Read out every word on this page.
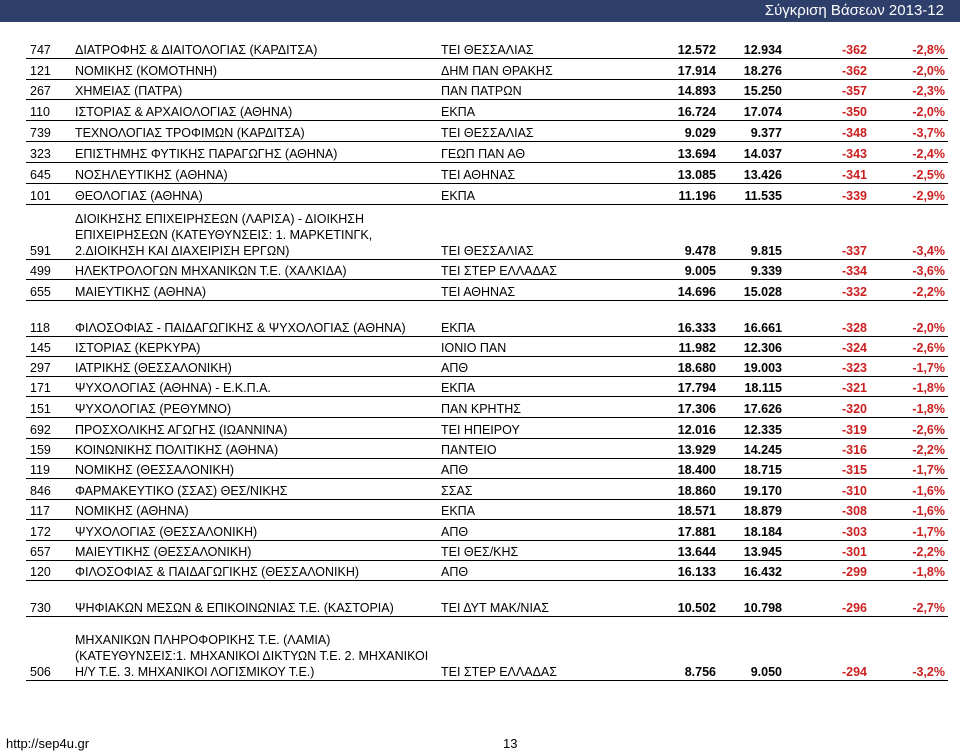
Σύγκριση Βάσεων 2013-12
747	ΔΙΑΤΡΟΦΗΣ & ΔΙΑΙΤΟΛΟΓΙΑΣ (ΚΑΡΔΙΤΣΑ)	ΤΕΙ ΘΕΣΣΑΛΙΑΣ	12.572	12.934	-362	-2,8%
121	ΝΟΜΙΚΗΣ (ΚΟΜΟΤΗΝΗ)	ΔΗΜ ΠΑΝ ΘΡΑΚΗΣ	17.914	18.276	-362	-2,0%
267	ΧΗΜΕΙΑΣ (ΠΑΤΡΑ)	ΠΑΝ ΠΑΤΡΩΝ	14.893	15.250	-357	-2,3%
110	ΙΣΤΟΡΙΑΣ & ΑΡΧΑΙΟΛΟΓΙΑΣ (ΑΘΗΝΑ)	ΕΚΠΑ	16.724	17.074	-350	-2,0%
739	ΤΕΧΝΟΛΟΓΙΑΣ ΤΡΟΦΙΜΩΝ (ΚΑΡΔΙΤΣΑ)	ΤΕΙ ΘΕΣΣΑΛΙΑΣ	9.029	9.377	-348	-3,7%
323	ΕΠΙΣΤΗΜΗΣ ΦΥΤΙΚΗΣ ΠΑΡΑΓΩΓΗΣ (ΑΘΗΝΑ)	ΓΕΩΠ ΠΑΝ ΑΘ	13.694	14.037	-343	-2,4%
645	ΝΟΣΗΛΕΥΤΙΚΗΣ (ΑΘΗΝΑ)	ΤΕΙ ΑΘΗΝΑΣ	13.085	13.426	-341	-2,5%
101	ΘΕΟΛΟΓΙΑΣ (ΑΘΗΝΑ)	ΕΚΠΑ	11.196	11.535	-339	-2,9%
591	ΔΙΟΙΚΗΣΗΣ ΕΠΙΧΕΙΡΗΣΕΩΝ (ΛΑΡΙΣΑ) - ΔΙΟΙΚΗΣΗ ΕΠΙΧΕΙΡΗΣΕΩΝ (ΚΑΤΕΥΘΥΝΣΕΙΣ: 1. ΜΑΡΚΕΤΙΝΓΚ, 2.ΔΙΟΙΚΗΣΗ ΚΑΙ ΔΙΑΧΕΙΡΙΣΗ ΕΡΓΩΝ)	ΤΕΙ ΘΕΣΣΑΛΙΑΣ	9.478	9.815	-337	-3,4%
499	ΗΛΕΚΤΡΟΛΟΓΩΝ ΜΗΧΑΝΙΚΩΝ Τ.Ε. (ΧΑΛΚΙΔΑ)	ΤΕΙ ΣΤΕΡ ΕΛΛΑΔΑΣ	9.005	9.339	-334	-3,6%
655	ΜΑΙΕΥΤΙΚΗΣ (ΑΘΗΝΑ)	ΤΕΙ ΑΘΗΝΑΣ	14.696	15.028	-332	-2,2%
118	ΦΙΛΟΣΟΦΙΑΣ - ΠΑΙΔΑΓΩΓΙΚΗΣ & ΨΥΧΟΛΟΓΙΑΣ (ΑΘΗΝΑ)	ΕΚΠΑ	16.333	16.661	-328	-2,0%
145	ΙΣΤΟΡΙΑΣ (ΚΕΡΚΥΡΑ)	ΙΟΝΙΟ ΠΑΝ	11.982	12.306	-324	-2,6%
297	ΙΑΤΡΙΚΗΣ (ΘΕΣΣΑΛΟΝΙΚΗ)	ΑΠΘ	18.680	19.003	-323	-1,7%
171	ΨΥΧΟΛΟΓΙΑΣ (ΑΘΗΝΑ) - Ε.Κ.Π.Α.	ΕΚΠΑ	17.794	18.115	-321	-1,8%
151	ΨΥΧΟΛΟΓΙΑΣ (ΡΕΘΥΜΝΟ)	ΠΑΝ ΚΡΗΤΗΣ	17.306	17.626	-320	-1,8%
692	ΠΡΟΣΧΟΛΙΚΗΣ ΑΓΩΓΗΣ (ΙΩΑΝΝΙΝΑ)	ΤΕΙ ΗΠΕΙΡΟΥ	12.016	12.335	-319	-2,6%
159	ΚΟΙΝΩΝΙΚΗΣ ΠΟΛΙΤΙΚΗΣ (ΑΘΗΝΑ)	ΠΑΝΤΕΙΟ	13.929	14.245	-316	-2,2%
119	ΝΟΜΙΚΗΣ (ΘΕΣΣΑΛΟΝΙΚΗ)	ΑΠΘ	18.400	18.715	-315	-1,7%
846	ΦΑΡΜΑΚΕΥΤΙΚΟ (ΣΣΑΣ) ΘΕΣ/ΝΙΚΗΣ	ΣΣΑΣ	18.860	19.170	-310	-1,6%
117	ΝΟΜΙΚΗΣ (ΑΘΗΝΑ)	ΕΚΠΑ	18.571	18.879	-308	-1,6%
172	ΨΥΧΟΛΟΓΙΑΣ (ΘΕΣΣΑΛΟΝΙΚΗ)	ΑΠΘ	17.881	18.184	-303	-1,7%
657	ΜΑΙΕΥΤΙΚΗΣ (ΘΕΣΣΑΛΟΝΙΚΗ)	ΤΕΙ ΘΕΣ/ΚΗΣ	13.644	13.945	-301	-2,2%
120	ΦΙΛΟΣΟΦΙΑΣ & ΠΑΙΔΑΓΩΓΙΚΗΣ (ΘΕΣΣΑΛΟΝΙΚΗ)	ΑΠΘ	16.133	16.432	-299	-1,8%
730	ΨΗΦΙΑΚΩΝ ΜΕΣΩΝ & ΕΠΙΚΟΙΝΩΝΙΑΣ Τ.Ε. (ΚΑΣΤΟΡΙΑ)	ΤΕΙ ΔΥΤ ΜΑΚ/ΝΙΑΣ	10.502	10.798	-296	-2,7%
506	ΜΗΧΑΝΙΚΩΝ ΠΛΗΡΟΦΟΡΙΚΗΣ Τ.Ε. (ΛΑΜΙΑ) (ΚΑΤΕΥΘΥΝΣΕΙΣ:1. ΜΗΧΑΝΙΚΟΙ ΔΙΚΤΥΩΝ Τ.Ε. 2. ΜΗΧΑΝΙΚΟΙ Η/Υ Τ.Ε. 3. ΜΗΧΑΝΙΚΟΙ ΛΟΓΙΣΜΙΚΟΥ Τ.Ε.)	ΤΕΙ ΣΤΕΡ ΕΛΛΑΔΑΣ	8.756	9.050	-294	-3,2%
http://sep4u.gr	13
